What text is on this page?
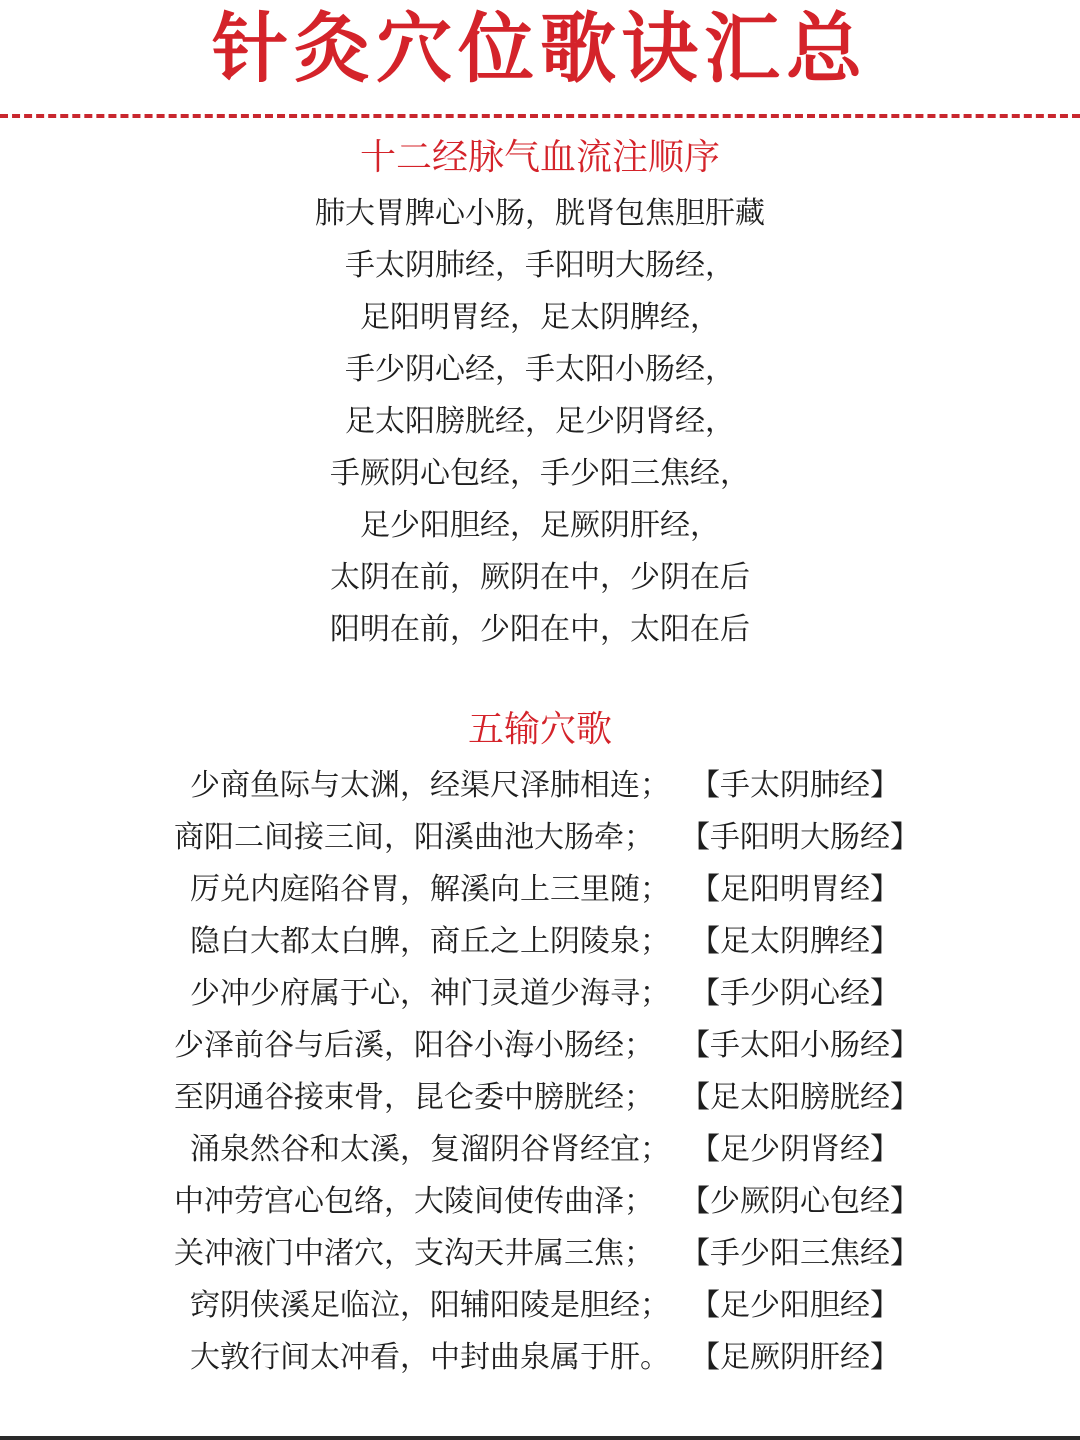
针灸穴位歌诀汇总
十二经脉气血流注顺序
肺大胃脾心小肠，胱肾包焦胆肝藏
手太阴肺经，手阳明大肠经，
足阳明胃经，足太阴脾经，
手少阴心经，手太阳小肠经，
足太阳膀胱经，足少阴肾经，
手厥阴心包经，手少阳三焦经，
足少阳胆经，足厥阴肝经，
太阴在前，厥阴在中，少阴在后
阳明在前，少阳在中，太阳在后
五输穴歌
少商鱼际与太渊，经渠尺泽肺相连； 【手太阴肺经】
商阳二间接三间，阳溪曲池大肠牵； 【手阳明大肠经】
厉兑内庭陷谷胃，解溪向上三里随； 【足阳明胃经】
隐白大都太白脾，商丘之上阴陵泉； 【足太阴脾经】
少冲少府属于心，神门灵道少海寻； 【手少阴心经】
少泽前谷与后溪，阳谷小海小肠经； 【手太阳小肠经】
至阴通谷接束骨，昆仑委中膀胱经； 【足太阳膀胱经】
涌泉然谷和太溪，复溜阴谷肾经宜； 【足少阴肾经】
中冲劳宫心包络，大陵间使传曲泽； 【少厥阴心包经】
关冲液门中渚穴，支沟天井属三焦； 【手少阳三焦经】
窍阴侠溪足临泣，阳辅阳陵是胆经； 【足少阳胆经】
大敦行间太冲看，中封曲泉属于肝。 【足厥阴肝经】
